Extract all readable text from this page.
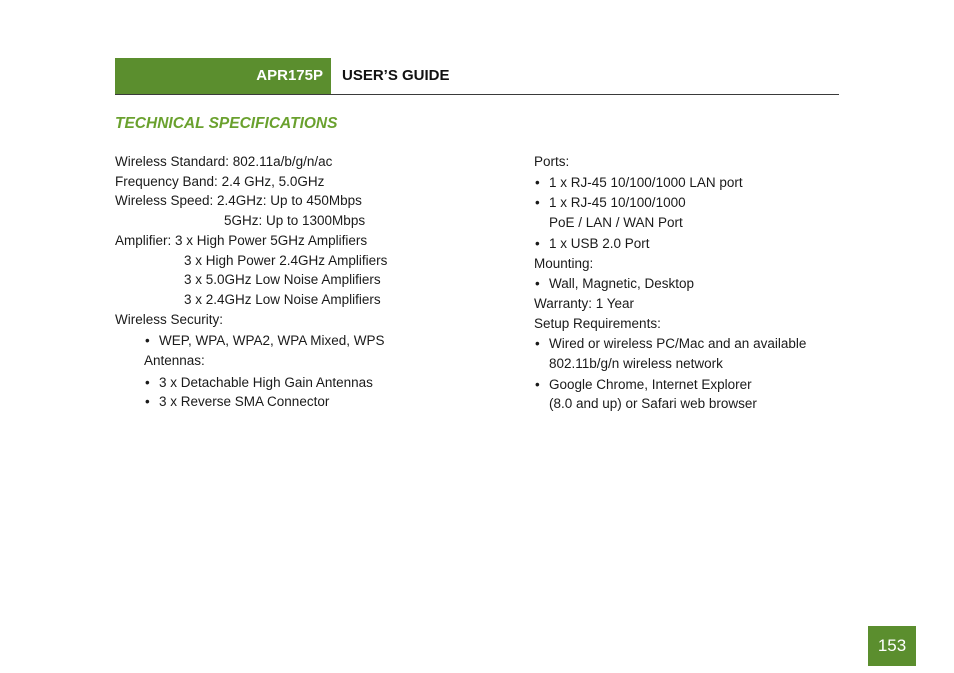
APR175P	USER’S GUIDE
TECHNICAL SPECIFICATIONS
Wireless Standard: 802.11a/b/g/n/ac
Frequency Band: 2.4 GHz, 5.0GHz
Wireless Speed: 2.4GHz: Up to 450Mbps
5GHz: Up to 1300Mbps
Amplifier: 3 x High Power 5GHz Amplifiers
3 x High Power 2.4GHz Amplifiers
3 x 5.0GHz Low Noise Amplifiers
3 x 2.4GHz Low Noise Amplifiers
Wireless Security:
• WEP, WPA, WPA2, WPA Mixed, WPS
Antennas:
• 3 x Detachable High Gain Antennas
• 3 x Reverse SMA Connector
Ports:
• 1 x RJ-45 10/100/1000 LAN port
• 1 x RJ-45 10/100/1000
PoE / LAN / WAN Port
• 1 x USB 2.0 Port
Mounting:
• Wall, Magnetic, Desktop
Warranty: 1 Year
Setup Requirements:
• Wired or wireless PC/Mac and an available
802.11b/g/n wireless network
• Google Chrome, Internet Explorer
(8.0 and up) or Safari web browser
153
